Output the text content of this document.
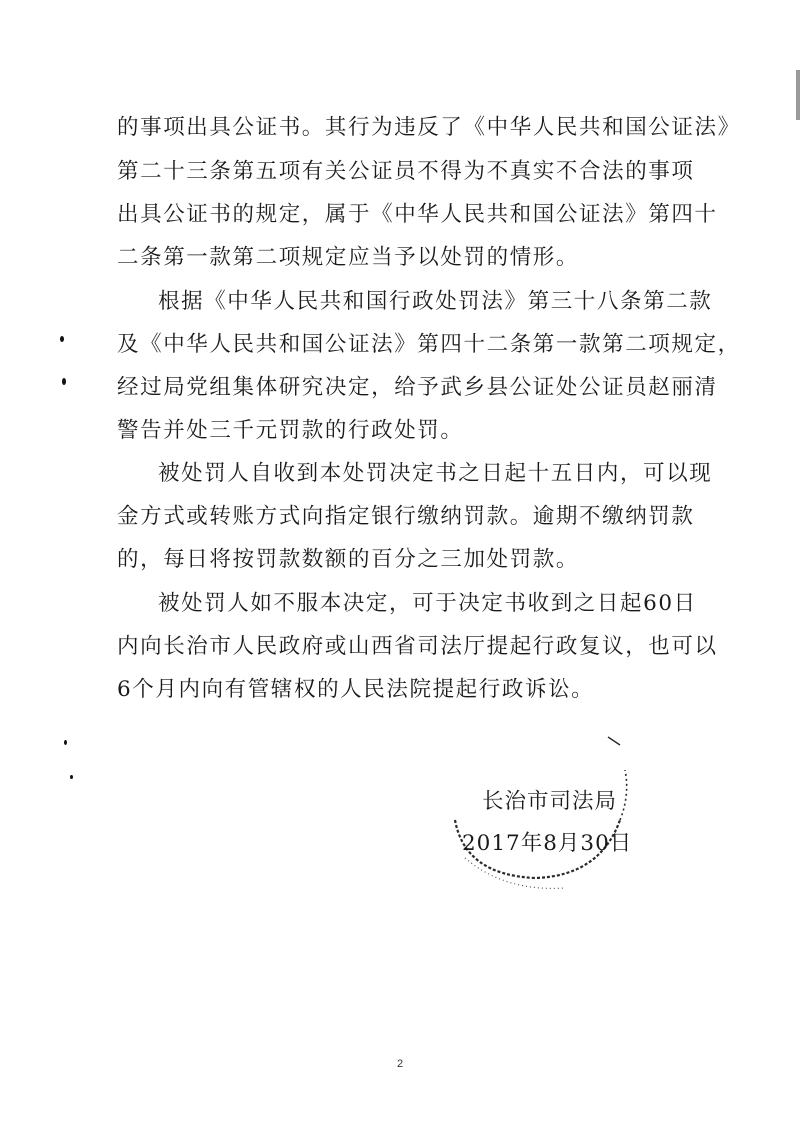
的事项出具公证书。其行为违反了《中华人民共和国公证法》
第二十三条第五项有关公证员不得为不真实不合法的事项
出具公证书的规定，属于《中华人民共和国公证法》第四十
二条第一款第二项规定应当予以处罚的情形。
根据《中华人民共和国行政处罚法》第三十八条第二款
及《中华人民共和国公证法》第四十二条第一款第二项规定，
经过局党组集体研究决定，给予武乡县公证处公证员赵丽清
警告并处三千元罚款的行政处罚。
被处罚人自收到本处罚决定书之日起十五日内，可以现
金方式或转账方式向指定银行缴纳罚款。逾期不缴纳罚款
的，每日将按罚款数额的百分之三加处罚款。
被处罚人如不服本决定，可于决定书收到之日起60日
内向长治市人民政府或山西省司法厅提起行政复议，也可以
6个月内向有管辖权的人民法院提起行政诉讼。
长治市司法局
2017年8月30日
2
